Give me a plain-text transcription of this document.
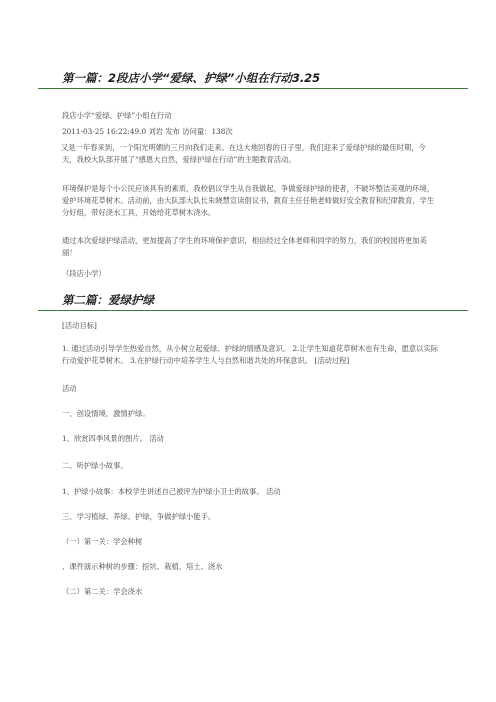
第一篇：2段店小学“爱绿、护绿”小组在行动3.25
段店小学“爱绿、护绿”小组在行动
2011-03-25 16:22:49.0 刘岩 发布 访问量：138次
又是一年春来到，一个阳光明媚的三月向我们走来。在这大地回春的日子里，我们迎来了爱绿护绿的最佳时期，今天，我校大队部开展了“感恩大自然，爱绿护绿在行动”的主题教育活动。
环境保护是每个小公民应该具有的素质，我校倡议学生从自我做起，争做爱绿护绿的使者，不破坏整洁美观的环境，爱护环境花草树木。活动前，由大队部大队长朱晓慧宣读倡议书，教育主任任艳老师做好安全教育和纪律教育，学生分好组，带好浇水工具，开始给花草树木浇水。
通过本次爱绿护绿活动，更加提高了学生的环境保护意识，相信经过全体老师和同学的努力，我们的校园将更加美丽！
（段店小学）
第二篇：爱绿护绿
[活动目标]
1. 通过活动引导学生热爱自然，从小树立起爱绿、护绿的情感及意识。 2.让学生知道花草树木也有生命，愿意以实际行动爱护花草树木。 3.在护绿行动中培养学生人与自然和谐共处的环保意识。 [活动过程]
活动
一、创设情境，激情护绿。
1、欣赏四季风景的图片。 活动
二、听护绿小故事。
1、护绿小故事：本校学生讲述自己被评为护绿小卫士的故事。 活动
三、学习植绿、养绿、护绿，争做护绿小能手。
（一）第一关：学会种树
、课件演示种树的步骤：挖坑、栽植、培土、浇水
（二）第二关：学会浇水
